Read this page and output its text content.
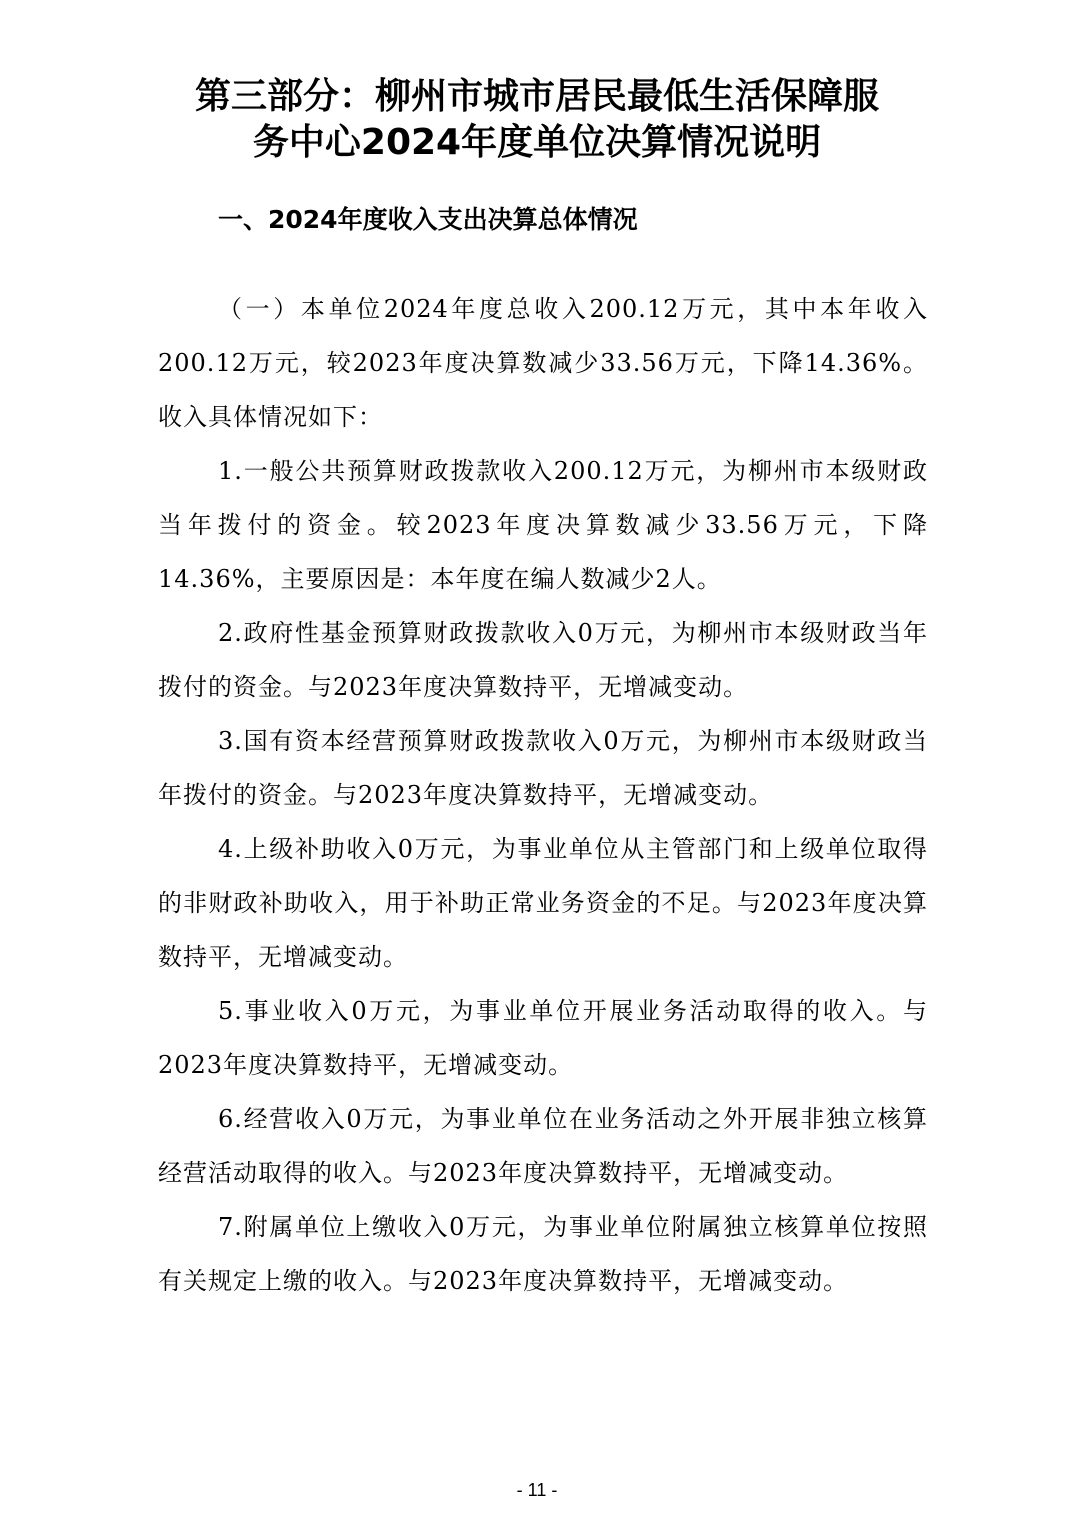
第三部分：柳州市城市居民最低生活保障服
务中心2024年度单位决算情况说明
一、2024年度收入支出决算总体情况

（一）本单位2024年度总收入200.12万元，其中本年收入200.12万元，较2023年度决算数减少33.56万元，下降14.36%。收入具体情况如下：

1.一般公共预算财政拨款收入200.12万元，为柳州市本级财政当年拨付的资金。较2023年度决算数减少33.56万元，下降14.36%，主要原因是：本年度在编人数减少2人。

2.政府性基金预算财政拨款收入0万元，为柳州市本级财政当年拨付的资金。与2023年度决算数持平，无增减变动。

3.国有资本经营预算财政拨款收入0万元，为柳州市本级财政当年拨付的资金。与2023年度决算数持平，无增减变动。

4.上级补助收入0万元，为事业单位从主管部门和上级单位取得的非财政补助收入，用于补助正常业务资金的不足。与2023年度决算数持平，无增减变动。

5.事业收入0万元，为事业单位开展业务活动取得的收入。与2023年度决算数持平，无增减变动。

6.经营收入0万元，为事业单位在业务活动之外开展非独立核算经营活动取得的收入。与2023年度决算数持平，无增减变动。

7.附属单位上缴收入0万元，为事业单位附属独立核算单位按照有关规定上缴的收入。与2023年度决算数持平，无增减变动。

- 11 -
